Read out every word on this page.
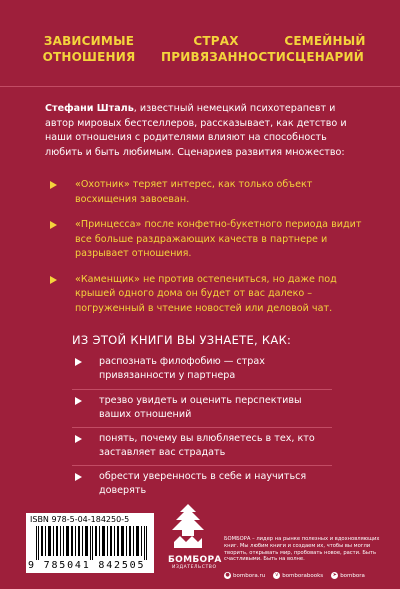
ЗАВИСИМЫЕ
ОТНОШЕНИЯ
СТРАХ
ПРИВЯЗАННОСТИ
СЕМЕЙНЫЙ
СЦЕНАРИЙ

Стефани Шталь, известный немецкий психотерапевт и автор мировых бестселлеров, рассказывает, как детство и наши отношения с родителями влияют на способность любить и быть любимым. Сценариев развития множество:

«Охотник» теряет интерес, как только объект восхищения завоеван.
«Принцесса» после конфетно-букетного периода видит все больше раздражающих качеств в партнере и разрывает отношения.
«Каменщик» не против остепениться, но даже под крышей одного дома он будет от вас далеко – погруженный в чтение новостей или деловой чат.
ИЗ ЭТОЙ КНИГИ ВЫ УЗНАЕТЕ, КАК:
распознать филофобию — страх привязанности у партнера
трезво увидеть и оценить перспективы ваших отношений
понять, почему вы влюбляетесь в тех, кто заставляет вас страдать
обрести уверенность в себе и научиться доверять
ISBN 978-5-04-184250-5
9 785041 842505	БОМБОРА
ИЗДАТЕЛЬСТВО
БОМБОРА – лидер на рынке полезных и вдохновляющих книг. Мы любим книги и создаем их, чтобы вы могли творить, открывать мир, пробовать новое, расти. Быть счастливыми. Быть на волне.
● bombora.ru	v bomborabooks ➤ bombora
